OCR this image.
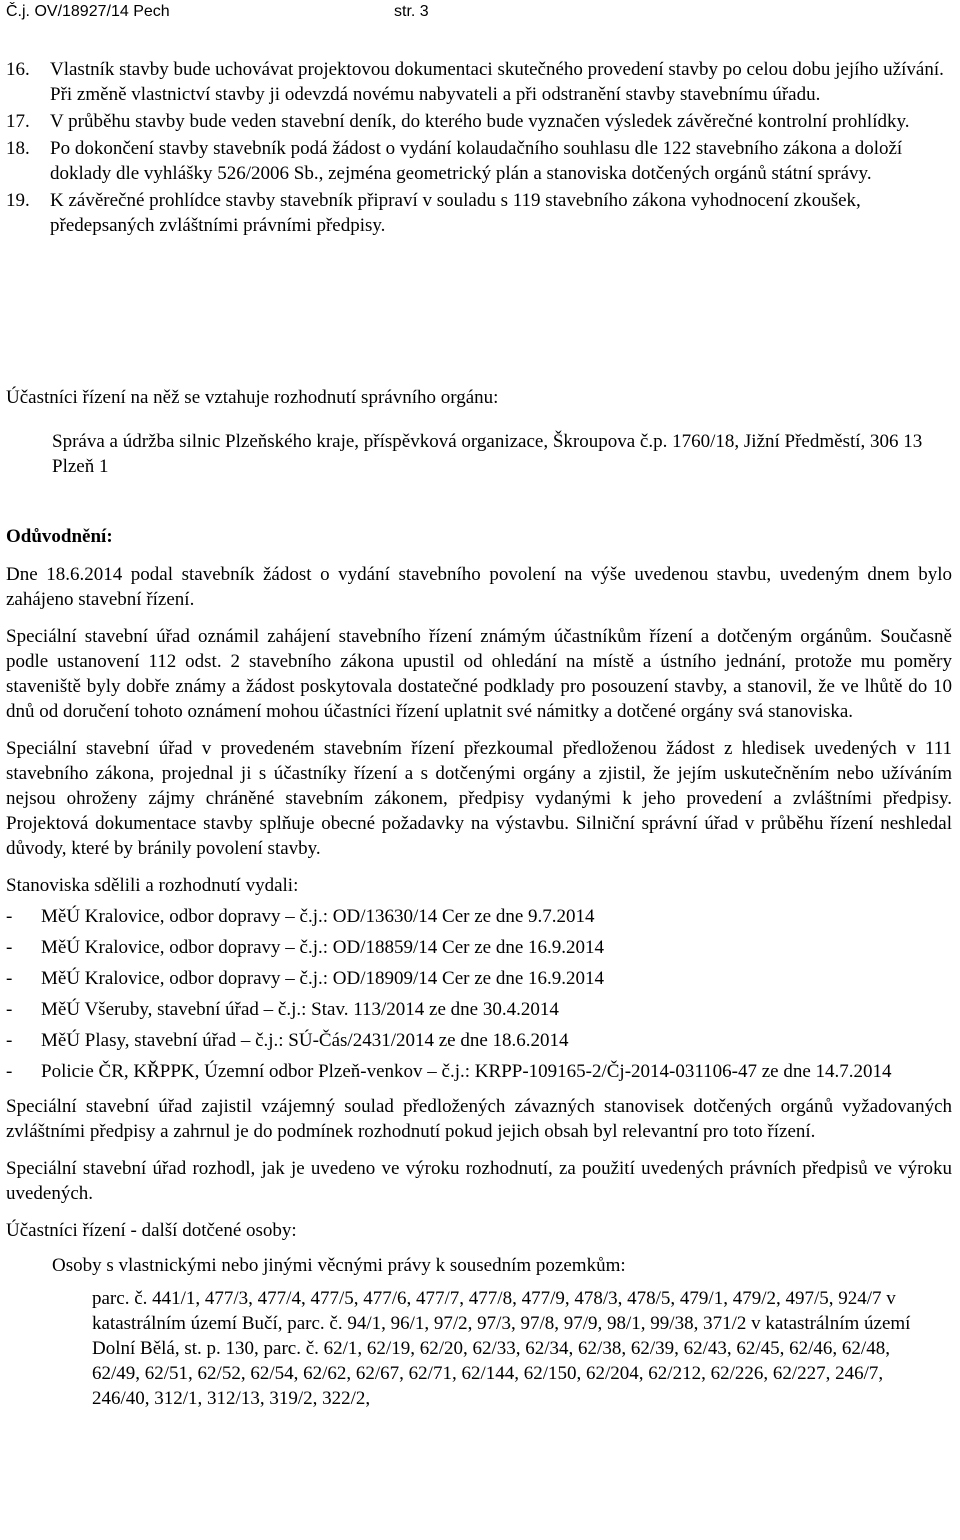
Č.j. OV/18927/14 Pech	str. 3
16. Vlastník stavby bude uchovávat projektovou dokumentaci skutečného provedení stavby po celou dobu jejího užívání. Při změně vlastnictví stavby ji odevzdá novému nabyvateli a při odstranění stavby stavebnímu úřadu.
17. V průběhu stavby bude veden stavební deník, do kterého bude vyznačen výsledek závěrečné kontrolní prohlídky.
18. Po dokončení stavby stavebník podá žádost o vydání kolaudačního souhlasu dle 122 stavebního zákona a doloží doklady dle vyhlášky 526/2006 Sb., zejména geometrický plán a stanoviska dotčených orgánů státní správy.
19. K závěrečné prohlídce stavby stavebník připraví v souladu s 119 stavebního zákona vyhodnocení zkoušek, předepsaných zvláštními právními předpisy.

Účastníci řízení na něž se vztahuje rozhodnutí správního orgánu:

Správa a údržba silnic Plzeňského kraje, příspěvková organizace, Škroupova č.p. 1760/18, Jižní Předměstí, 306 13 Plzeň 1

Odůvodnění:

Dne 18.6.2014 podal stavebník žádost o vydání stavebního povolení na výše uvedenou stavbu, uvedeným dnem bylo zahájeno stavební řízení.

Speciální stavební úřad oznámil zahájení stavebního řízení známým účastníkům řízení a dotčeným orgánům. Současně podle ustanovení 112 odst. 2 stavebního zákona upustil od ohledání na místě a ústního jednání, protože mu poměry staveniště byly dobře známy a žádost poskytovala dostatečné podklady pro posouzení stavby, a stanovil, že ve lhůtě do 10 dnů od doručení tohoto oznámení mohou účastníci řízení uplatnit své námitky a dotčené orgány svá stanoviska.

Speciální stavební úřad v provedeném stavebním řízení přezkoumal předloženou žádost z hledisek uvedených v 111 stavebního zákona, projednal ji s účastníky řízení a s dotčenými orgány a zjistil, že jejím uskutečněním nebo užíváním nejsou ohroženy zájmy chráněné stavebním zákonem, předpisy vydanými k jeho provedení a zvláštními předpisy. Projektová dokumentace stavby splňuje obecné požadavky na výstavbu. Silniční správní úřad v průběhu řízení neshledal důvody, které by bránily povolení stavby.

Stanoviska sdělili a rozhodnutí vydali:

- MěÚ Kralovice, odbor dopravy – č.j.: OD/13630/14 Cer ze dne 9.7.2014
- MěÚ Kralovice, odbor dopravy – č.j.: OD/18859/14 Cer ze dne 16.9.2014
- MěÚ Kralovice, odbor dopravy – č.j.: OD/18909/14 Cer ze dne 16.9.2014
- MěÚ Všeruby, stavební úřad – č.j.: Stav. 113/2014 ze dne 30.4.2014
- MěÚ Plasy, stavební úřad – č.j.: SÚ-Čás/2431/2014 ze dne 18.6.2014
- Policie ČR, KŘPPK, Územní odbor Plzeň-venkov – č.j.: KRPP-109165-2/Čj-2014-031106-47 ze dne 14.7.2014

Speciální stavební úřad zajistil vzájemný soulad předložených závazných stanovisek dotčených orgánů vyžadovaných zvláštními předpisy a zahrnul je do podmínek rozhodnutí pokud jejich obsah byl relevantní pro toto řízení.

Speciální stavební úřad rozhodl, jak je uvedeno ve výroku rozhodnutí, za použití uvedených právních předpisů ve výroku uvedených.

Účastníci řízení - další dotčené osoby:

Osoby s vlastnickými nebo jinými věcnými právy k sousedním pozemkům:

parc. č. 441/1, 477/3, 477/4, 477/5, 477/6, 477/7, 477/8, 477/9, 478/3, 478/5, 479/1, 479/2, 497/5, 924/7 v katastrálním území Bučí, parc. č. 94/1, 96/1, 97/2, 97/3, 97/8, 97/9, 98/1, 99/38, 371/2 v katastrálním území Dolní Bělá, st. p. 130, parc. č. 62/1, 62/19, 62/20, 62/33, 62/34, 62/38, 62/39, 62/43, 62/45, 62/46, 62/48, 62/49, 62/51, 62/52, 62/54, 62/62, 62/67, 62/71, 62/144, 62/150, 62/204, 62/212, 62/226, 62/227, 246/7, 246/40, 312/1, 312/13, 319/2, 322/2,
